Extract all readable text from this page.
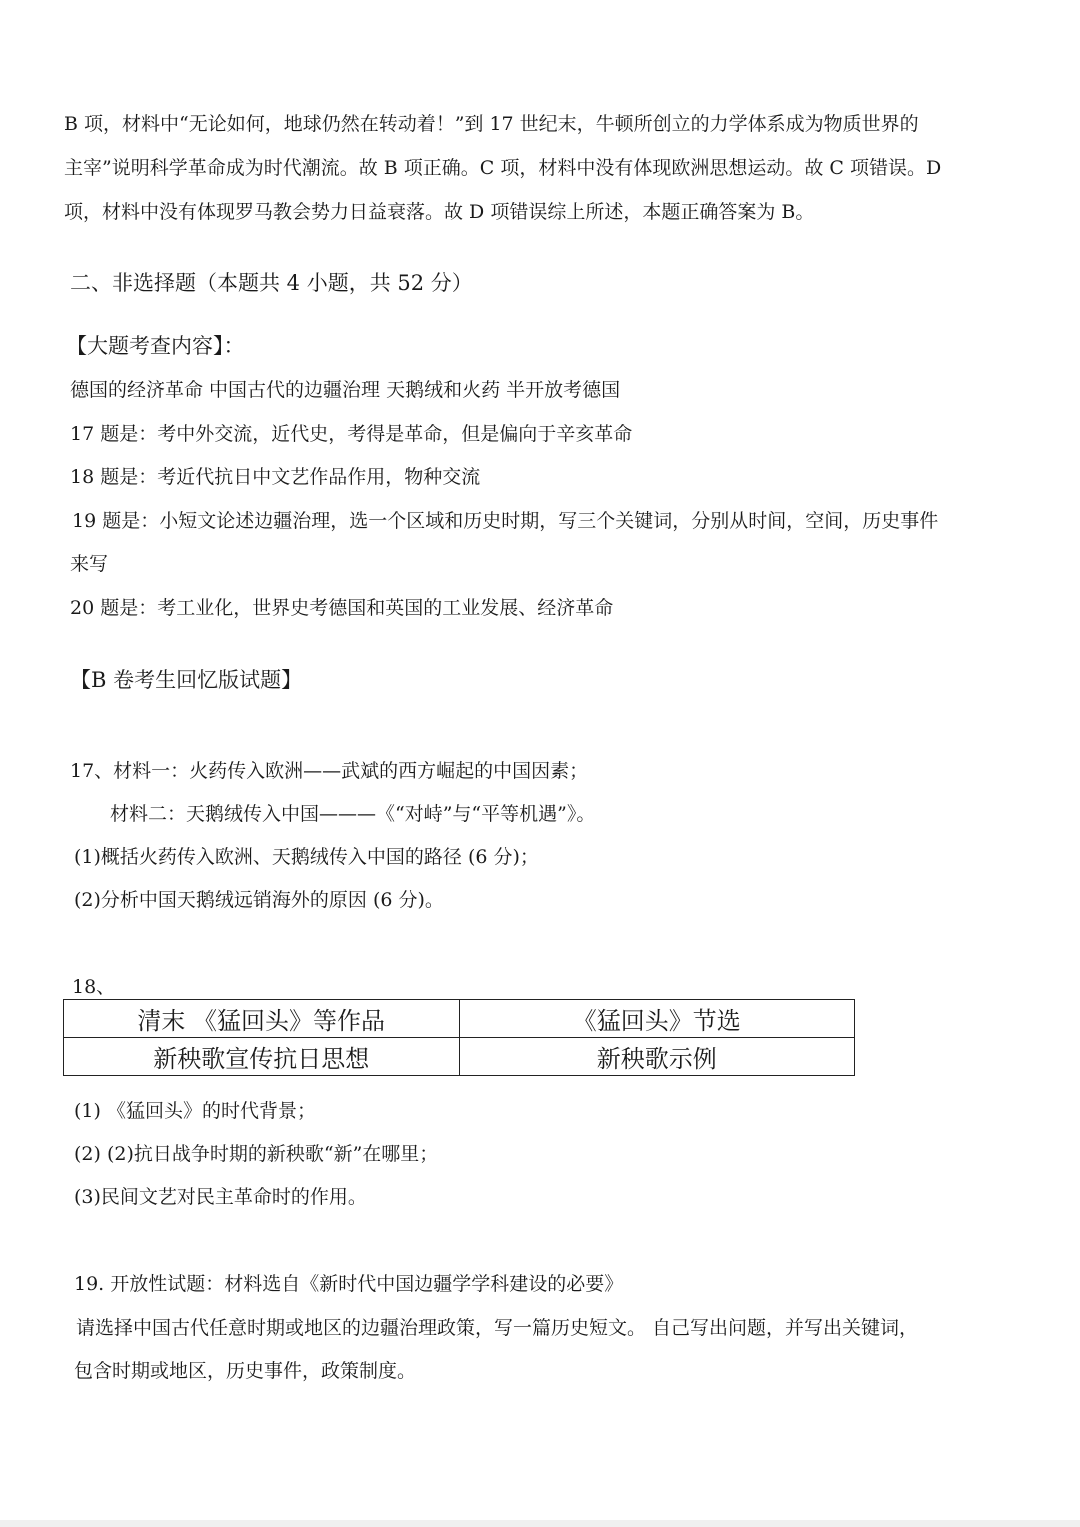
B 项，材料中“无论如何，地球仍然在转动着！”到 17 世纪末，牛顿所创立的力学体系成为物质世界的
主宰”说明科学革命成为时代潮流。故 B 项正确。C 项，材料中没有体现欧洲思想运动。故 C 项错误。D
项，材料中没有体现罗马教会势力日益衰落。故 D 项错误综上所述，本题正确答案为 B。
二、非选择题（本题共 4 小题，共 52 分）
【大题考查内容】：
德国的经济革命 中国古代的边疆治理 天鹅绒和火药 半开放考德国
17 题是：考中外交流，近代史，考得是革命，但是偏向于辛亥革命
18 题是：考近代抗日中文艺作品作用，物种交流
19 题是：小短文论述边疆治理，选一个区域和历史时期，写三个关键词，分别从时间，空间，历史事件
来写
20 题是：考工业化，世界史考德国和英国的工业发展、经济革命
【B 卷考生回忆版试题】
17、材料一：火药传入欧洲——武斌的西方崛起的中国因素；
材料二：天鹅绒传入中国———《“对峙”与“平等机遇”》。
(1)概括火药传入欧洲、天鹅绒传入中国的路径 (6 分)；
(2)分析中国天鹅绒远销海外的原因 (6 分)。
18、
清末 《猛回头》等作品	《猛回头》节选
新秧歌宣传抗日思想	新秧歌示例
(1) 《猛回头》的时代背景；
(2) (2)抗日战争时期的新秧歌“新”在哪里；
(3)民间文艺对民主革命时的作用。
19. 开放性试题：材料选自《新时代中国边疆学学科建设的必要》
请选择中国古代任意时期或地区的边疆治理政策，写一篇历史短文。 自己写出问题，并写出关键词，
包含时期或地区，历史事件，政策制度。
